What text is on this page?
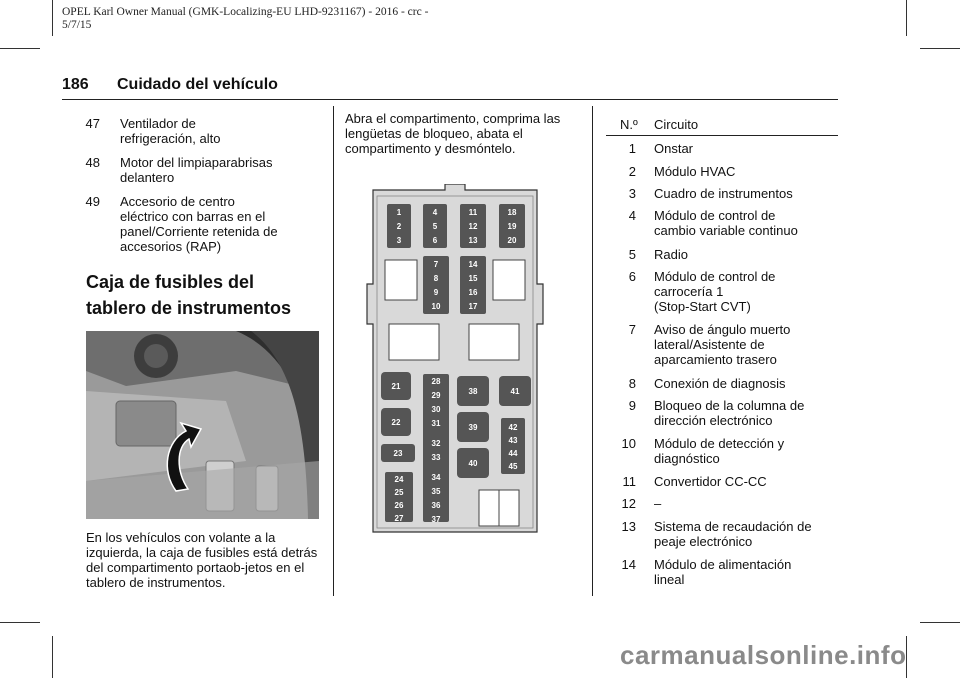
OPEL Karl Owner Manual (GMK-Localizing-EU LHD-9231167) - 2016 - crc -
5/7/15
186 Cuidado del vehículo
47 Ventilador de
refrigeración, alto
48 Motor del limpiaparabrisas
delantero
49 Accesorio de centro
eléctrico con barras en el
panel/Corriente retenida de
accesorios (RAP)
Caja de fusibles del
tablero de instrumentos
En los vehículos con volante a la izquierda, la caja de fusibles está detrás del compartimento portaob-jetos en el tablero de instrumentos.
Abra el compartimento, comprima las lengüetas de bloqueo, abata el compartimento y desmóntelo.
1
2
3
4
5
6
11
12
13
18
19
20
7
8
9
10
14
15
16
17
21
22
23
28
29
30
31
32
33
34
35
36
37
24
25
26
27
38
39
40
41
42
43
44
45
N.º Circuito
1 Onstar
2 Módulo HVAC
3 Cuadro de instrumentos
4 Módulo de control de
cambio variable continuo
5 Radio
6 Módulo de control de
carrocería 1
(Stop-Start CVT)
7 Aviso de ángulo muerto
lateral/Asistente de
aparcamiento trasero
8 Conexión de diagnosis
9 Bloqueo de la columna de
dirección electrónico
10 Módulo de detección y
diagnóstico
11 Convertidor CC-CC
12 –
13 Sistema de recaudación de
peaje electrónico
14 Módulo de alimentación
lineal
carmanualsonline.info
